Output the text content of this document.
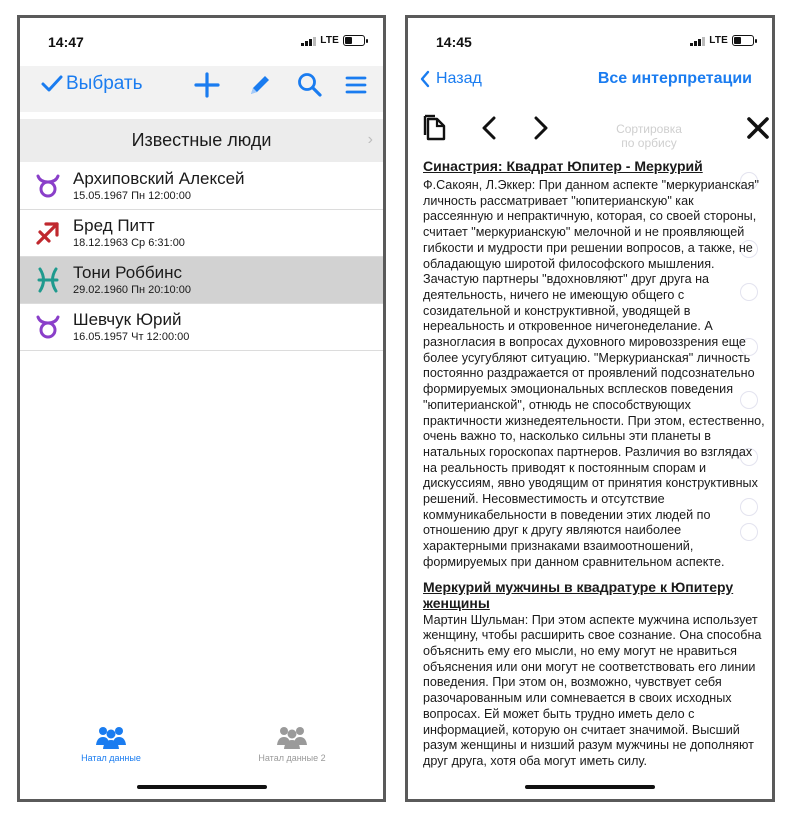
14:47	LTE
Выбрать
Известные люди	›
Архиповский Алексей
15.05.1967 Пн 12:00:00
Бред Питт
18.12.1963 Ср 6:31:00
Тони Роббинс
29.02.1960 Пн 20:10:00
Шевчук Юрий
16.05.1957 Чт 12:00:00
Натал данные	Натал данные 2
14:45	LTE
Назад	Все интерпретации
Сортировка по орбису
Синастрия: Квадрат Юпитер - Меркурий

Ф.Сакоян, Л.Эккер: При данном аспекте "меркурианская" личность рассматривает "юпитерианскую" как рассеянную и непрактичную, которая, со своей стороны, считает "меркурианскую" мелочной и не проявляющей гибкости и мудрости при решении вопросов, а также, не обладающую широтой философского мышления. Зачастую партнеры "вдохновляют" друг друга на деятельность, ничего не имеющую общего с созидательной и конструктивной, уводящей в нереальность и откровенное ничегонеделание. А разногласия в вопросах духовного мировоззрения еще более усугубляют ситуацию. "Меркурианская" личность постоянно раздражается от проявлений подсознательно формируемых эмоциональных всплесков поведения "юпитерианской", отнюдь не способствующих практичности жизнедеятельности. При этом, естественно, очень важно то, насколько сильны эти планеты в натальных гороскопах партнеров. Различия во взглядах на реальность приводят к постоянным спорам и дискуссиям, явно уводящим от принятия конструктивных решений. Несовместимость и отсутствие коммуникабельности в поведении этих людей по отношению друг к другу являются наиболее характерными признаками взаимоотношений, формируемых при данном сравнительном аспекте.

Меркурий мужчины в квадратуре к Юпитеру женщины

Мартин Шульман: При этом аспекте мужчина использует женщину, чтобы расширить свое сознание. Она способна объяснить ему его мысли, но ему могут не нравиться объяснения или они могут не соответствовать его линии поведения. При этом он, возможно, чувствует себя разочарованным или сомневается в своих исходных вопросах. Ей может быть трудно иметь дело с информацией, которую он считает значимой. Высший разум женщины и низший разум мужчины не дополняют друг друга, хотя оба могут иметь силу.
